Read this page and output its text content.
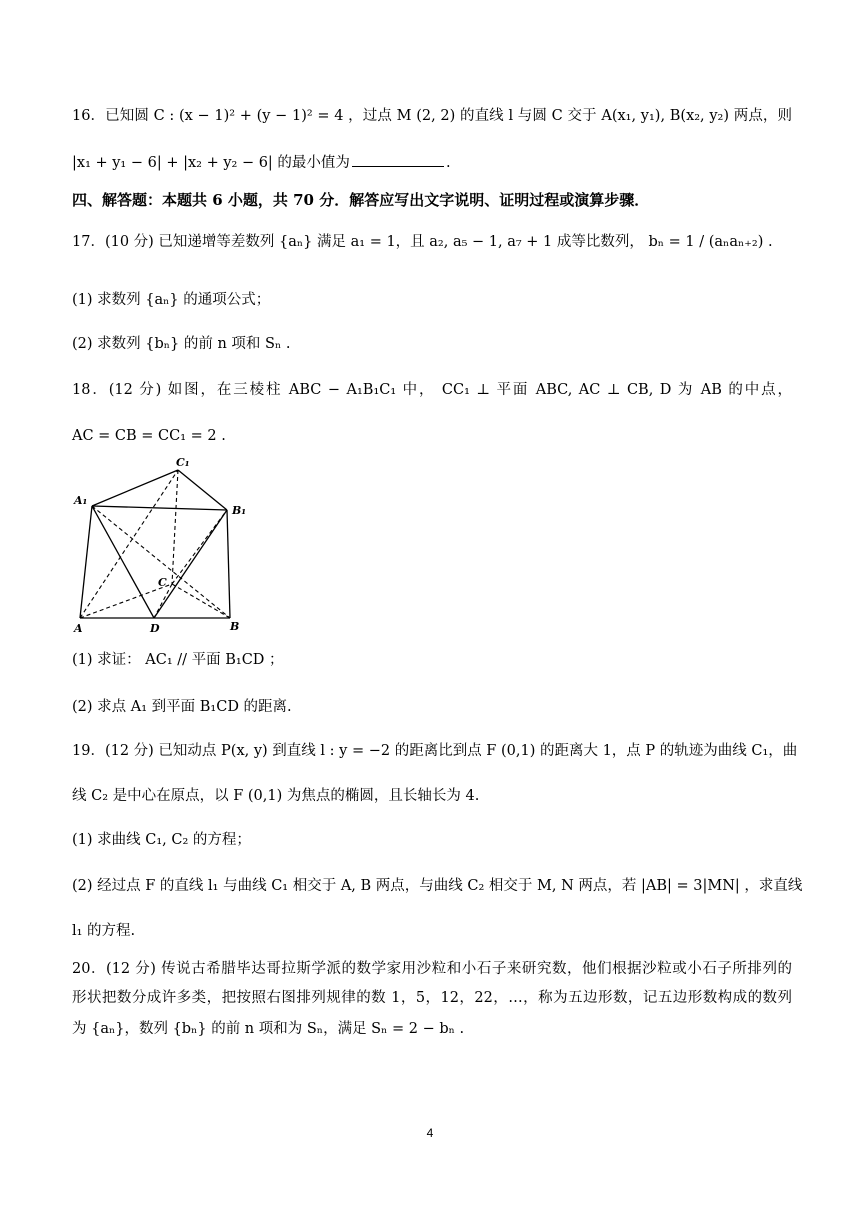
16．已知圆 C : (x − 1)² + (y − 1)² = 4 ，过点 M (2, 2) 的直线 l 与圆 C 交于 A(x₁, y₁), B(x₂, y₂) 两点，则
|x₁ + y₁ − 6| + |x₂ + y₂ − 6| 的最小值为	.
四、解答题：本题共 6 小题，共 70 分．解答应写出文字说明、证明过程或演算步骤．
17．(10 分) 已知递增等差数列 {aₙ} 满足 a₁ = 1，且 a₂, a₅ − 1, a₇ + 1 成等比数列， bₙ = 1 / (aₙaₙ₊₂) .
(1) 求数列 {aₙ} 的通项公式；
(2) 求数列 {bₙ} 的前 n 项和 Sₙ .
18．(12 分) 如图，在三棱柱 ABC − A₁B₁C₁ 中， CC₁ ⊥ 平面 ABC, AC ⊥ CB, D 为 AB 的中点，
AC = CB = CC₁ = 2 .
C₁
A₁
B₁
C
A	D	B
(1) 求证： AC₁ // 平面 B₁CD ；
(2) 求点 A₁ 到平面 B₁CD 的距离.
19．(12 分) 已知动点 P(x, y) 到直线 l : y = −2 的距离比到点 F (0,1) 的距离大 1，点 P 的轨迹为曲线 C₁，曲
线 C₂ 是中心在原点，以 F (0,1) 为焦点的椭圆，且长轴长为 4.
(1) 求曲线 C₁, C₂ 的方程；
(2) 经过点 F 的直线 l₁ 与曲线 C₁ 相交于 A, B 两点，与曲线 C₂ 相交于 M, N 两点，若 |AB| = 3|MN| ，求直线
l₁ 的方程.
20．(12 分) 传说古希腊毕达哥拉斯学派的数学家用沙粒和小石子来研究数，他们根据沙粒或小石子所排列的
形状把数分成许多类，把按照右图排列规律的数 1，5，12，22，…，称为五边形数，记五边形数构成的数列
为 {aₙ}，数列 {bₙ} 的前 n 项和为 Sₙ，满足 Sₙ = 2 − bₙ .
4
